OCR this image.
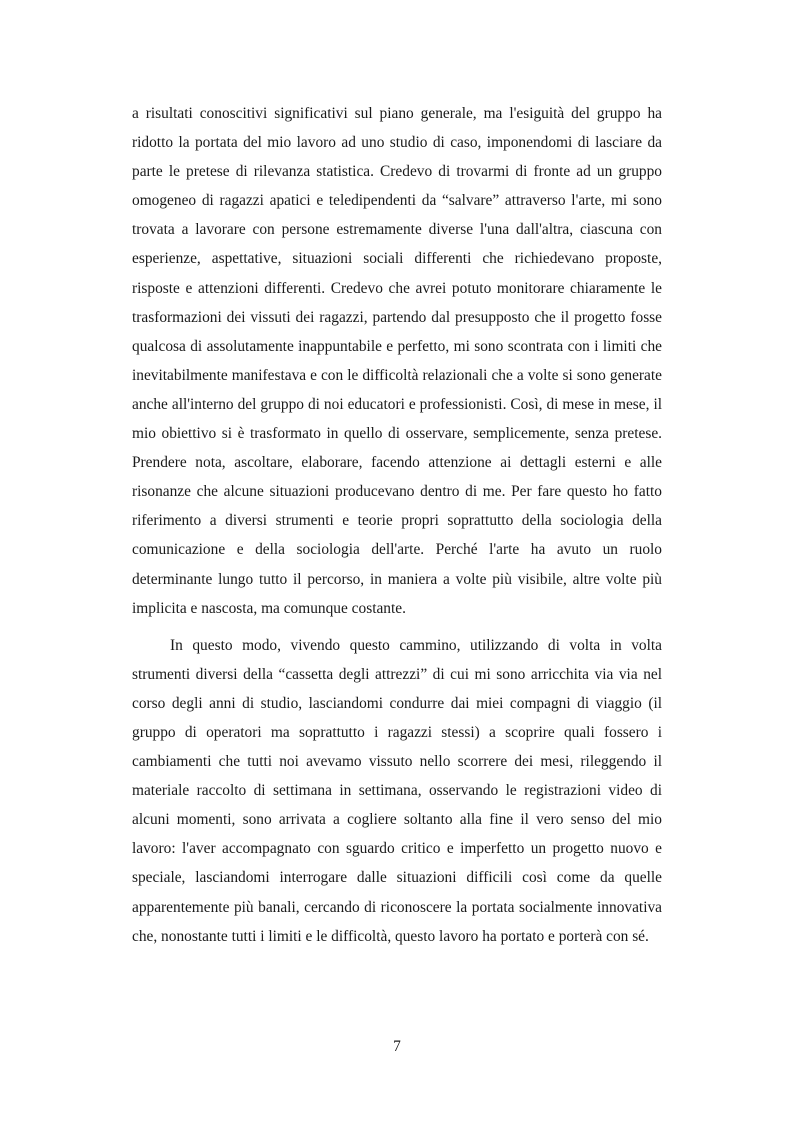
a risultati conoscitivi significativi sul piano generale, ma l'esiguità del gruppo ha ridotto la portata del mio lavoro ad uno studio di caso, imponendomi di lasciare da parte le pretese di rilevanza statistica. Credevo di trovarmi di fronte ad un gruppo omogeneo di ragazzi apatici e teledipendenti da “salvare” attraverso l'arte, mi sono trovata a lavorare con persone estremamente diverse l'una dall'altra, ciascuna con esperienze, aspettative, situazioni sociali differenti che richiedevano proposte, risposte e attenzioni differenti. Credevo che avrei potuto monitorare chiaramente le trasformazioni dei vissuti dei ragazzi, partendo dal presupposto che il progetto fosse qualcosa di assolutamente inappuntabile e perfetto, mi sono scontrata con i limiti che inevitabilmente manifestava e con le difficoltà relazionali che a volte si sono generate anche all'interno del gruppo di noi educatori e professionisti. Così, di mese in mese, il mio obiettivo si è trasformato in quello di osservare, semplicemente, senza pretese. Prendere nota, ascoltare, elaborare, facendo attenzione ai dettagli esterni e alle risonanze che alcune situazioni producevano dentro di me. Per fare questo ho fatto riferimento a diversi strumenti e teorie propri soprattutto della sociologia della comunicazione e della sociologia dell'arte. Perché l'arte ha avuto un ruolo determinante lungo tutto il percorso, in maniera a volte più visibile, altre volte più implicita e nascosta, ma comunque costante.

In questo modo, vivendo questo cammino, utilizzando di volta in volta strumenti diversi della “cassetta degli attrezzi” di cui mi sono arricchita via via nel corso degli anni di studio, lasciandomi condurre dai miei compagni di viaggio (il gruppo di operatori ma soprattutto i ragazzi stessi) a scoprire quali fossero i cambiamenti che tutti noi avevamo vissuto nello scorrere dei mesi, rileggendo il materiale raccolto di settimana in settimana, osservando le registrazioni video di alcuni momenti, sono arrivata a cogliere soltanto alla fine il vero senso del mio lavoro: l'aver accompagnato con sguardo critico e imperfetto un progetto nuovo e speciale, lasciandomi interrogare dalle situazioni difficili così come da quelle apparentemente più banali, cercando di riconoscere la portata socialmente innovativa che, nonostante tutti i limiti e le difficoltà, questo lavoro ha portato e porterà con sé.

7
